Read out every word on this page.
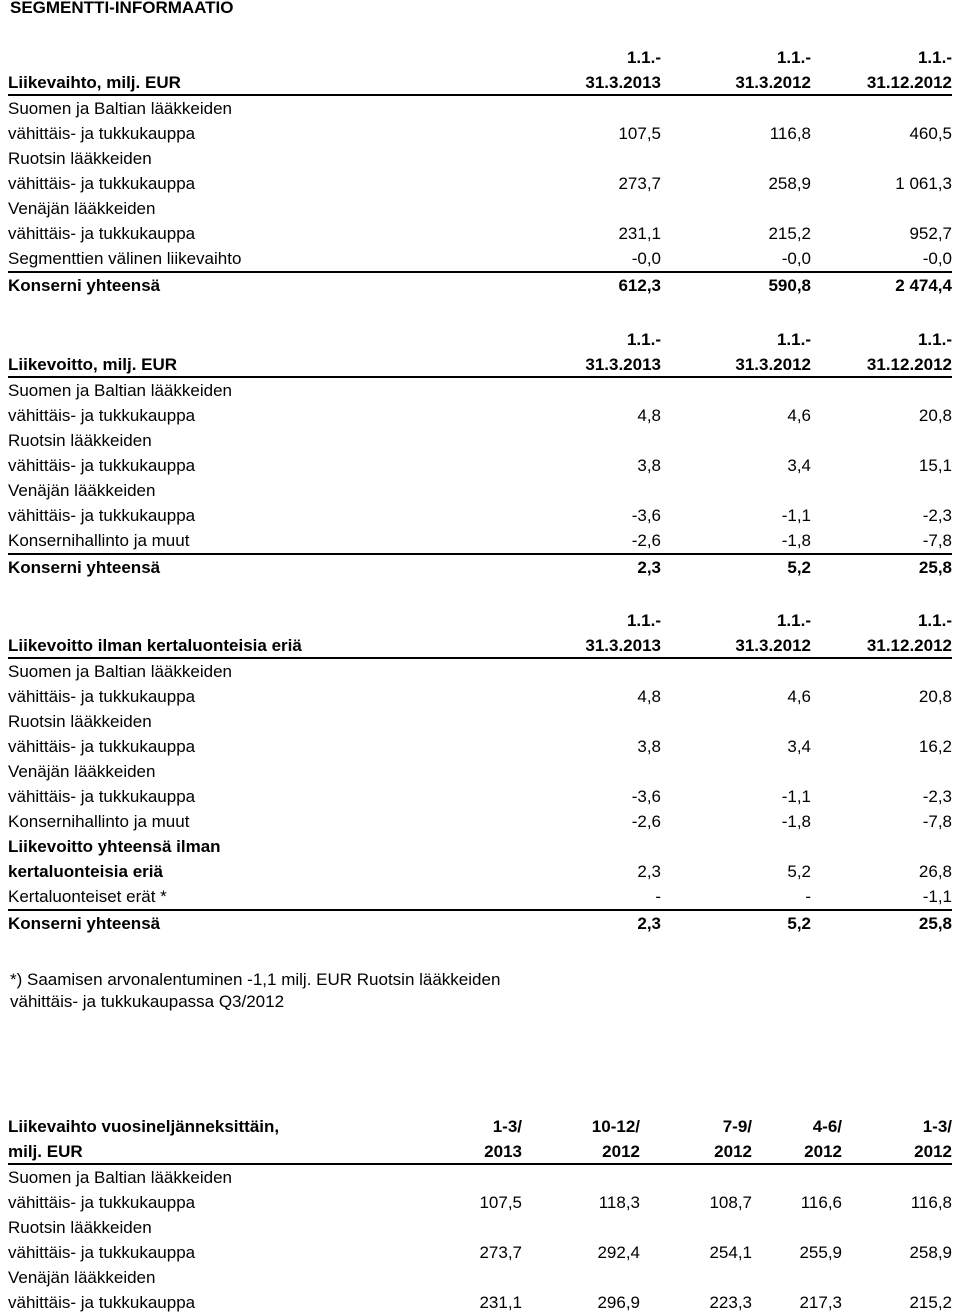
SEGMENTTI-INFORMAATIO
	1.1.-	1.1.-	1.1.-
Liikevaihto, milj. EUR	31.3.2013	31.3.2012	31.12.2012
Suomen ja Baltian lääkkeiden			
vähittäis- ja tukkukauppa	107,5	116,8	460,5
Ruotsin lääkkeiden			
vähittäis- ja tukkukauppa	273,7	258,9	1 061,3
Venäjän lääkkeiden			
vähittäis- ja tukkukauppa	231,1	215,2	952,7
Segmenttien välinen liikevaihto	-0,0	-0,0	-0,0
Konserni yhteensä	612,3	590,8	2 474,4
	1.1.-	1.1.-	1.1.-
Liikevoitto, milj. EUR	31.3.2013	31.3.2012	31.12.2012
Suomen ja Baltian lääkkeiden			
vähittäis- ja tukkukauppa	4,8	4,6	20,8
Ruotsin lääkkeiden			
vähittäis- ja tukkukauppa	3,8	3,4	15,1
Venäjän lääkkeiden			
vähittäis- ja tukkukauppa	-3,6	-1,1	-2,3
Konsernihallinto ja muut	-2,6	-1,8	-7,8
Konserni yhteensä	2,3	5,2	25,8
	1.1.-	1.1.-	1.1.-
Liikevoitto ilman kertaluonteisia eriä	31.3.2013	31.3.2012	31.12.2012
Suomen ja Baltian lääkkeiden			
vähittäis- ja tukkukauppa	4,8	4,6	20,8
Ruotsin lääkkeiden			
vähittäis- ja tukkukauppa	3,8	3,4	16,2
Venäjän lääkkeiden			
vähittäis- ja tukkukauppa	-3,6	-1,1	-2,3
Konsernihallinto ja muut	-2,6	-1,8	-7,8
Liikevoitto yhteensä ilman			
kertaluonteisia eriä	2,3	5,2	26,8
Kertaluonteiset erät *	-	-	-1,1
Konserni yhteensä	2,3	5,2	25,8

*) Saamisen arvonalentuminen -1,1 milj. EUR Ruotsin lääkkeiden vähittäis- ja tukkukaupassa Q3/2012

Liikevaihto vuosineljänneksittäin,	1-3/	10-12/	7-9/	4-6/	1-3/
milj. EUR	2013	2012	2012	2012	2012
Suomen ja Baltian lääkkeiden					
vähittäis- ja tukkukauppa	107,5	118,3	108,7	116,6	116,8
Ruotsin lääkkeiden					
vähittäis- ja tukkukauppa	273,7	292,4	254,1	255,9	258,9
Venäjän lääkkeiden					
vähittäis- ja tukkukauppa	231,1	296,9	223,3	217,3	215,2
